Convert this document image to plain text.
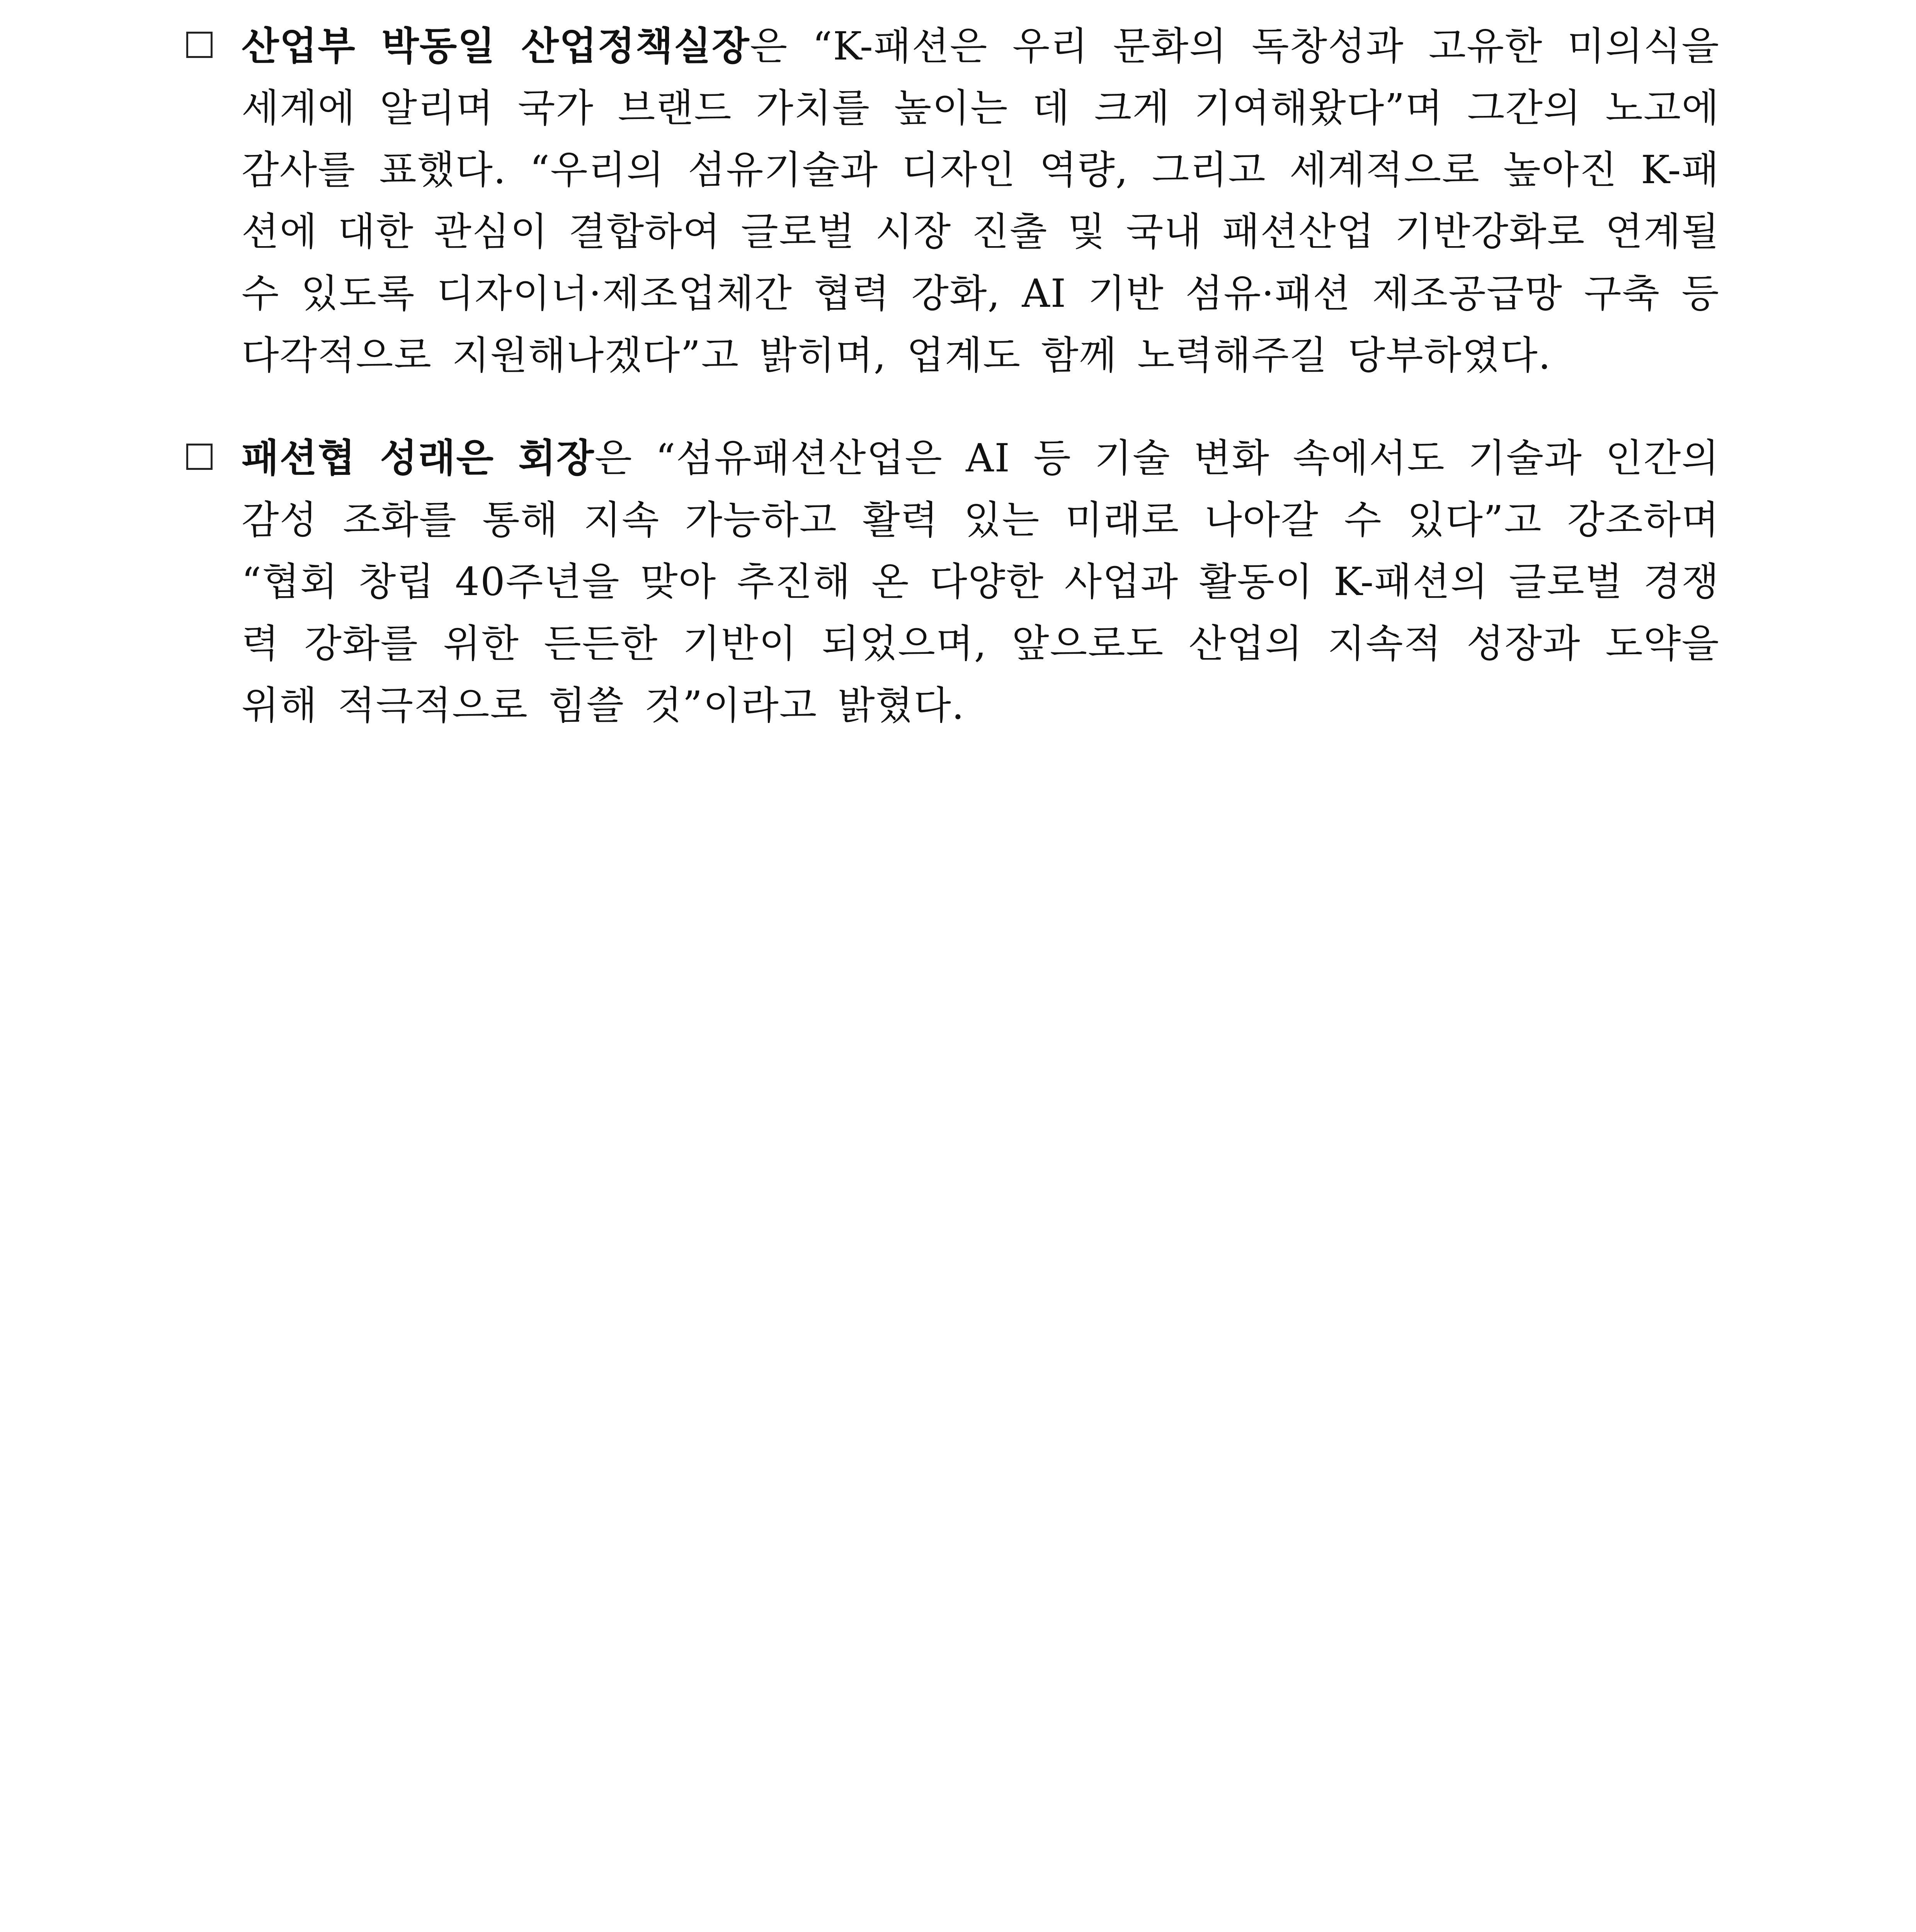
산업부 박동일 산업정책실장은 “K-패션은 우리 문화의 독창성과 고유한 미의식을 세계에 알리며 국가 브랜드 가치를 높이는 데 크게 기여해왔다”며 그간의 노고에 감사를 표했다. “우리의 섬유기술과 디자인 역량, 그리고 세계적으로 높아진 K-패션에 대한 관심이 결합하여 글로벌 시장 진출 및 국내 패션산업 기반강화로 연계될 수 있도록 디자이너·제조업체간 협력 강화, AI 기반 섬유·패션 제조공급망 구축 등 다각적으로 지원해나겠다”고 밝히며, 업계도 함께 노력해주길 당부하였다.
패션협 성래은 회장은 “섬유패션산업은 AI 등 기술 변화 속에서도 기술과 인간의 감성 조화를 통해 지속 가능하고 활력 있는 미래로 나아갈 수 있다”고 강조하며 “협회 창립 40주년을 맞아 추진해 온 다양한 사업과 활동이 K-패션의 글로벌 경쟁력 강화를 위한 든든한 기반이 되었으며, 앞으로도 산업의 지속적 성장과 도약을 위해 적극적으로 힘쓸 것”이라고 밝혔다.
